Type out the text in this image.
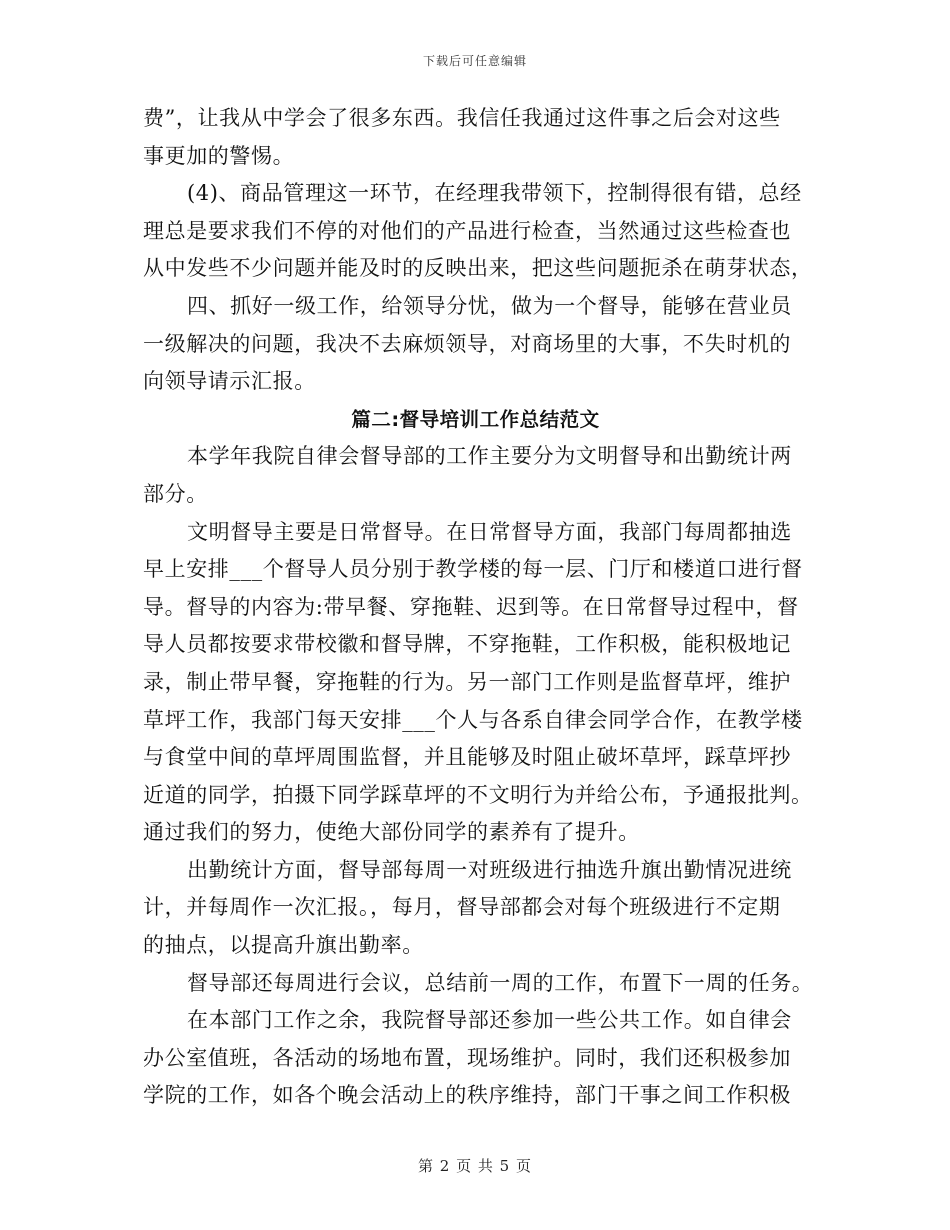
下载后可任意编辑

费”，让我从中学会了很多东西。我信任我通过这件事之后会对这些

事更加的警惕。

(4)、商品管理这一环节，在经理我带领下，控制得很有错，总经

理总是要求我们不停的对他们的产品进行检查，当然通过这些检查也

从中发些不少问题并能及时的反映出来，把这些问题扼杀在萌芽状态，

四、抓好一级工作，给领导分忧，做为一个督导，能够在营业员

一级解决的问题，我决不去麻烦领导，对商场里的大事，不失时机的

向领导请示汇报。

篇二:督导培训工作总结范文

本学年我院自律会督导部的工作主要分为文明督导和出勤统计两

部分。

文明督导主要是日常督导。在日常督导方面，我部门每周都抽选

早上安排___个督导人员分别于教学楼的每一层、门厅和楼道口进行督

导。督导的内容为:带早餐、穿拖鞋、迟到等。在日常督导过程中，督

导人员都按要求带校徽和督导牌，不穿拖鞋，工作积极，能积极地记

录，制止带早餐，穿拖鞋的行为。另一部门工作则是监督草坪，维护

草坪工作，我部门每天安排___个人与各系自律会同学合作，在教学楼

与食堂中间的草坪周围监督，并且能够及时阻止破坏草坪，踩草坪抄

近道的同学，拍摄下同学踩草坪的不文明行为并给公布，予通报批判。

通过我们的努力，使绝大部份同学的素养有了提升。

出勤统计方面，督导部每周一对班级进行抽选升旗出勤情况进统

计，并每周作一次汇报。，每月，督导部都会对每个班级进行不定期

的抽点，以提高升旗出勤率。

督导部还每周进行会议，总结前一周的工作，布置下一周的任务。

在本部门工作之余，我院督导部还参加一些公共工作。如自律会

办公室值班，各活动的场地布置，现场维护。同时，我们还积极参加

学院的工作，如各个晚会活动上的秩序维持，部门干事之间工作积极

第 2 页 共 5 页
